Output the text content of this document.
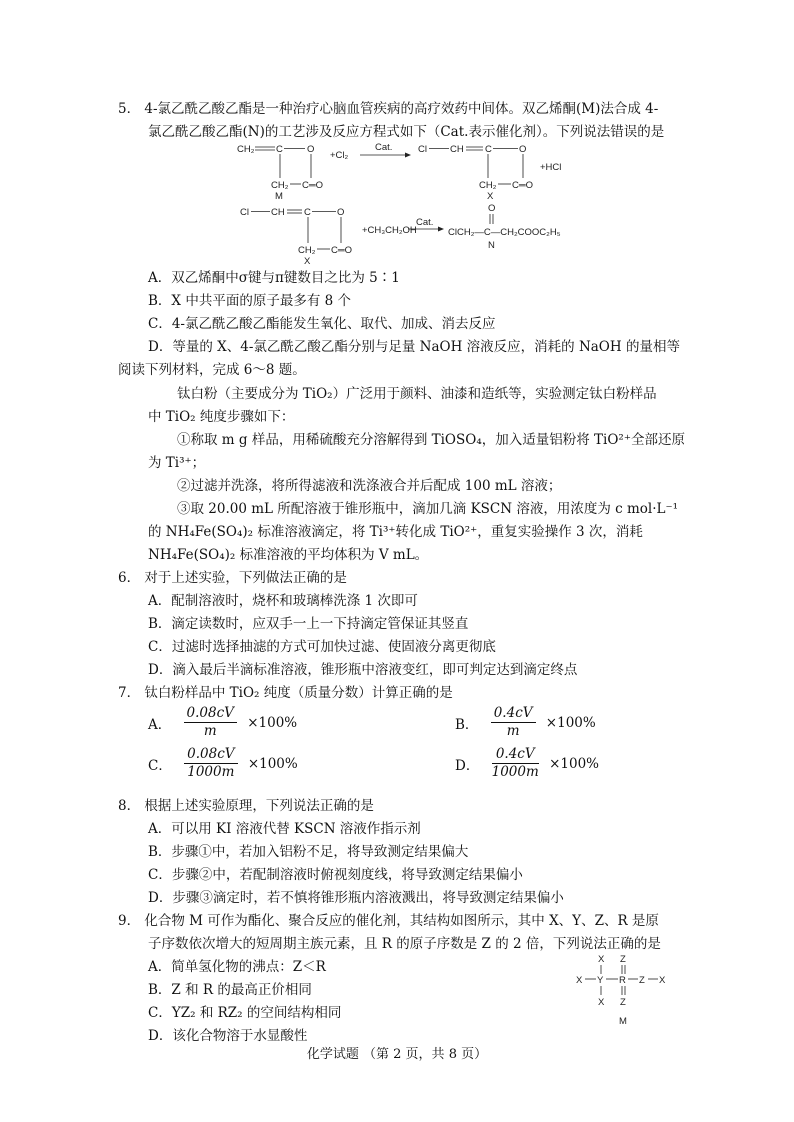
5． 4-氯乙酰乙酸乙酯是一种治疗心脑血管疾病的高疗效药中间体。双乙烯酮(M)法合成 4-
氯乙酰乙酸乙酯(N)的工艺涉及反应方程式如下（Cat.表示催化剂）。下列说法错误的是
CH₂ C	O
CH₂ C═O
M
+Cl₂
Cat.	Cl CH C	O
CH₂ C═O
X
+HCl
Cl CH C	O
CH₂ C═O
X
+CH₃CH₂OH
Cat.
O
ClCH₂—C—CH₂COOC₂H₅
N
A．双乙烯酮中σ键与π键数目之比为 5∶1
B．X 中共平面的原子最多有 8 个
C．4-氯乙酰乙酸乙酯能发生氧化、取代、加成、消去反应
D．等量的 X、4-氯乙酰乙酸乙酯分别与足量 NaOH 溶液反应，消耗的 NaOH 的量相等
阅读下列材料，完成 6～8 题。
钛白粉（主要成分为 TiO₂）广泛用于颜料、油漆和造纸等，实验测定钛白粉样品
中 TiO₂ 纯度步骤如下：
①称取 m g 样品，用稀硫酸充分溶解得到 TiOSO₄，加入适量铝粉将 TiO²⁺全部还原
为 Ti³⁺；
②过滤并洗涤，将所得滤液和洗涤液合并后配成 100 mL 溶液；
③取 20.00 mL 所配溶液于锥形瓶中，滴加几滴 KSCN 溶液，用浓度为 c mol·L⁻¹
的 NH₄Fe(SO₄)₂ 标准溶液滴定，将 Ti³⁺转化成 TiO²⁺，重复实验操作 3 次，消耗
NH₄Fe(SO₄)₂ 标准溶液的平均体积为 V mL。
6． 对于上述实验，下列做法正确的是
A．配制溶液时，烧杯和玻璃棒洗涤 1 次即可
B．滴定读数时，应双手一上一下持滴定管保证其竖直
C．过滤时选择抽滤的方式可加快过滤、使固液分离更彻底
D．滴入最后半滴标准溶液，锥形瓶中溶液变红，即可判定达到滴定终点
7． 钛白粉样品中 TiO₂ 纯度（质量分数）计算正确的是
A． $\frac{0.08cV}{m} \times 100\%$	B． $\frac{0.4cV}{m} \times 100\%$
C． $\frac{0.08cV}{1000m} \times 100\%$	D． $\frac{0.4cV}{1000m} \times 100\%$
8． 根据上述实验原理，下列说法正确的是
A．可以用 KI 溶液代替 KSCN 溶液作指示剂
B．步骤①中，若加入铝粉不足，将导致测定结果偏大
C．步骤②中，若配制溶液时俯视刻度线，将导致测定结果偏小
D．步骤③滴定时，若不慎将锥形瓶内溶液溅出，将导致测定结果偏小
9． 化合物 M 可作为酯化、聚合反应的催化剂，其结构如图所示，其中 X、Y、Z、R 是原
子序数依次增大的短周期主族元素，且 R 的原子序数是 Z 的 2 倍，下列说法正确的是
A．简单氢化物的沸点：Z＜R
B．Z 和 R 的最高正价相同
C．YZ₂ 和 RZ₂ 的空间结构相同
D．该化合物溶于水显酸性
X Z
X Y R Z X
X Z
M
化学试题 （第 2 页，共 8 页）
